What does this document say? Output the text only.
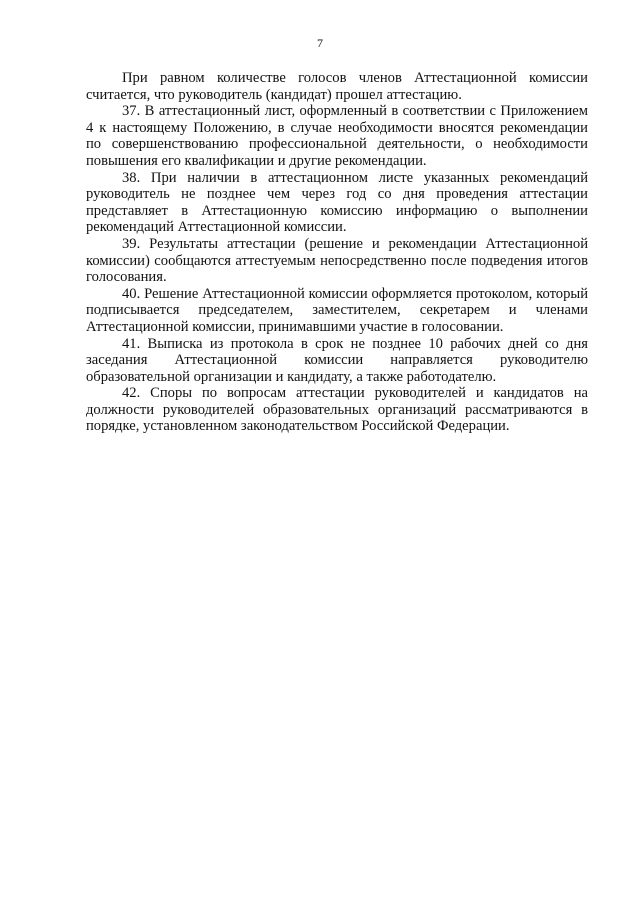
7

При равном количестве голосов членов Аттестационной комиссии считается, что руководитель (кандидат) прошел аттестацию.

37. В аттестационный лист, оформленный в соответствии с Приложением 4 к настоящему Положению, в случае необходимости вносятся рекомендации по совершенствованию профессиональной деятельности, о необходимости повышения его квалификации и другие рекомендации.

38. При наличии в аттестационном листе указанных рекомендаций руководитель не позднее чем через год со дня проведения аттестации представляет в Аттестационную комиссию информацию о выполнении рекомендаций Аттестационной комиссии.

39. Результаты аттестации (решение и рекомендации Аттестационной комиссии) сообщаются аттестуемым непосредственно после подведения итогов голосования.

40. Решение Аттестационной комиссии оформляется протоколом, который подписывается председателем, заместителем, секретарем и членами Аттестационной комиссии, принимавшими участие в голосовании.

41. Выписка из протокола в срок не позднее 10 рабочих дней со дня заседания Аттестационной комиссии направляется руководителю образовательной организации и кандидату, а также работодателю.

42. Споры по вопросам аттестации руководителей и кандидатов на должности руководителей образовательных организаций рассматриваются в порядке, установленном законодательством Российской Федерации.
